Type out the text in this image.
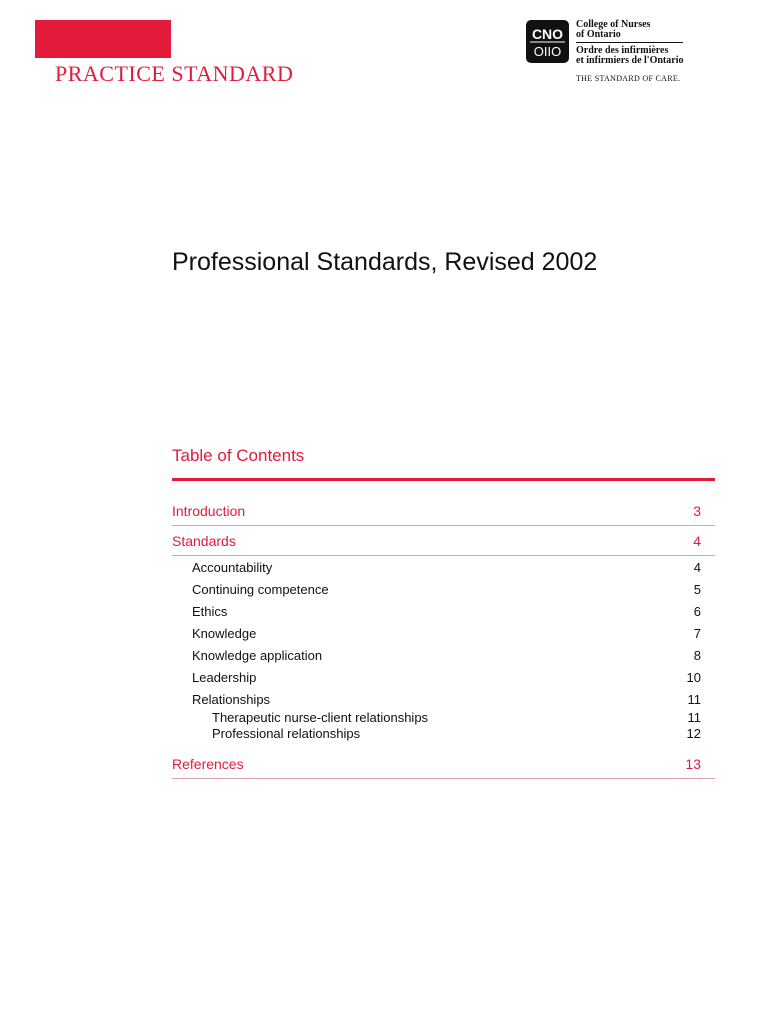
PRACTICE STANDARD
CNO
OIIO
College of Nurses
of Ontario
Ordre des infirmières
et infirmiers de l'Ontario
THE STANDARD OF CARE.
Professional Standards, Revised 2002
Table of Contents
Introduction	3
Standards	4
Accountability	4
Continuing competence	5
Ethics	6
Knowledge	7
Knowledge application	8
Leadership	10
Relationships	11
Therapeutic nurse-client relationships	11
Professional relationships	12
References	13
